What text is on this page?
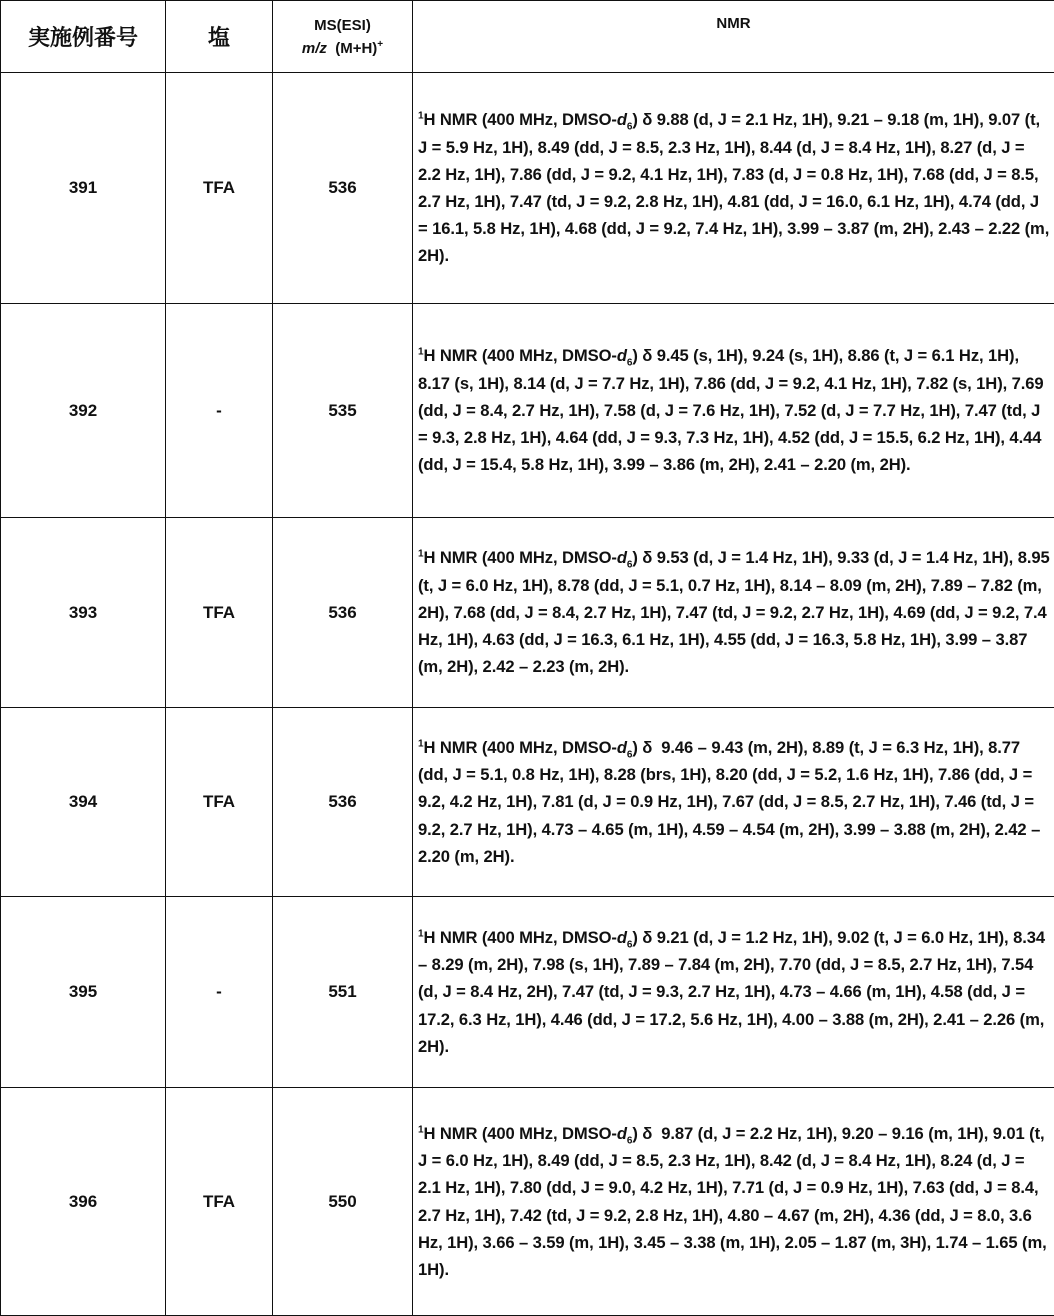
実施例番号	塩	
MS(ESI)
m/z (M+H)+
	NMR
391	TFA	536	1H NMR (400 MHz, DMSO-d6) δ 9.88 (d, J = 2.1 Hz, 1H), 9.21 – 9.18 (m, 1H), 9.07 (t, J = 5.9 Hz, 1H), 8.49 (dd, J = 8.5, 2.3 Hz, 1H), 8.44 (d, J = 8.4 Hz, 1H), 8.27 (d, J = 2.2 Hz, 1H), 7.86 (dd, J = 9.2, 4.1 Hz, 1H), 7.83 (d, J = 0.8 Hz, 1H), 7.68 (dd, J = 8.5, 2.7 Hz, 1H), 7.47 (td, J = 9.2, 2.8 Hz, 1H), 4.81 (dd, J = 16.0, 6.1 Hz, 1H), 4.74 (dd, J = 16.1, 5.8 Hz, 1H), 4.68 (dd, J = 9.2, 7.4 Hz, 1H), 3.99 – 3.87 (m, 2H), 2.43 – 2.22 (m, 2H).
392	-	535	1H NMR (400 MHz, DMSO-d6) δ 9.45 (s, 1H), 9.24 (s, 1H), 8.86 (t, J = 6.1 Hz, 1H), 8.17 (s, 1H), 8.14 (d, J = 7.7 Hz, 1H), 7.86 (dd, J = 9.2, 4.1 Hz, 1H), 7.82 (s, 1H), 7.69 (dd, J = 8.4, 2.7 Hz, 1H), 7.58 (d, J = 7.6 Hz, 1H), 7.52 (d, J = 7.7 Hz, 1H), 7.47 (td, J = 9.3, 2.8 Hz, 1H), 4.64 (dd, J = 9.3, 7.3 Hz, 1H), 4.52 (dd, J = 15.5, 6.2 Hz, 1H), 4.44 (dd, J = 15.4, 5.8 Hz, 1H), 3.99 – 3.86 (m, 2H), 2.41 – 2.20 (m, 2H).
393	TFA	536	1H NMR (400 MHz, DMSO-d6) δ 9.53 (d, J = 1.4 Hz, 1H), 9.33 (d, J = 1.4 Hz, 1H), 8.95 (t, J = 6.0 Hz, 1H), 8.78 (dd, J = 5.1, 0.7 Hz, 1H), 8.14 – 8.09 (m, 2H), 7.89 – 7.82 (m, 2H), 7.68 (dd, J = 8.4, 2.7 Hz, 1H), 7.47 (td, J = 9.2, 2.7 Hz, 1H), 4.69 (dd, J = 9.2, 7.4 Hz, 1H), 4.63 (dd, J = 16.3, 6.1 Hz, 1H), 4.55 (dd, J = 16.3, 5.8 Hz, 1H), 3.99 – 3.87 (m, 2H), 2.42 – 2.23 (m, 2H).
394	TFA	536	1H NMR (400 MHz, DMSO-d6) δ  9.46 – 9.43 (m, 2H), 8.89 (t, J = 6.3 Hz, 1H), 8.77 (dd, J = 5.1, 0.8 Hz, 1H), 8.28 (brs, 1H), 8.20 (dd, J = 5.2, 1.6 Hz, 1H), 7.86 (dd, J = 9.2, 4.2 Hz, 1H), 7.81 (d, J = 0.9 Hz, 1H), 7.67 (dd, J = 8.5, 2.7 Hz, 1H), 7.46 (td, J = 9.2, 2.7 Hz, 1H), 4.73 – 4.65 (m, 1H), 4.59 – 4.54 (m, 2H), 3.99 – 3.88 (m, 2H), 2.42 – 2.20 (m, 2H).
395	-	551	1H NMR (400 MHz, DMSO-d6) δ 9.21 (d, J = 1.2 Hz, 1H), 9.02 (t, J = 6.0 Hz, 1H), 8.34 – 8.29 (m, 2H), 7.98 (s, 1H), 7.89 – 7.84 (m, 2H), 7.70 (dd, J = 8.5, 2.7 Hz, 1H), 7.54 (d, J = 8.4 Hz, 2H), 7.47 (td, J = 9.3, 2.7 Hz, 1H), 4.73 – 4.66 (m, 1H), 4.58 (dd, J = 17.2, 6.3 Hz, 1H), 4.46 (dd, J = 17.2, 5.6 Hz, 1H), 4.00 – 3.88 (m, 2H), 2.41 – 2.26 (m, 2H).
396	TFA	550	1H NMR (400 MHz, DMSO-d6) δ  9.87 (d, J = 2.2 Hz, 1H), 9.20 – 9.16 (m, 1H), 9.01 (t, J = 6.0 Hz, 1H), 8.49 (dd, J = 8.5, 2.3 Hz, 1H), 8.42 (d, J = 8.4 Hz, 1H), 8.24 (d, J = 2.1 Hz, 1H), 7.80 (dd, J = 9.0, 4.2 Hz, 1H), 7.71 (d, J = 0.9 Hz, 1H), 7.63 (dd, J = 8.4, 2.7 Hz, 1H), 7.42 (td, J = 9.2, 2.8 Hz, 1H), 4.80 – 4.67 (m, 2H), 4.36 (dd, J = 8.0, 3.6 Hz, 1H), 3.66 – 3.59 (m, 1H), 3.45 – 3.38 (m, 1H), 2.05 – 1.87 (m, 3H), 1.74 – 1.65 (m, 1H).
